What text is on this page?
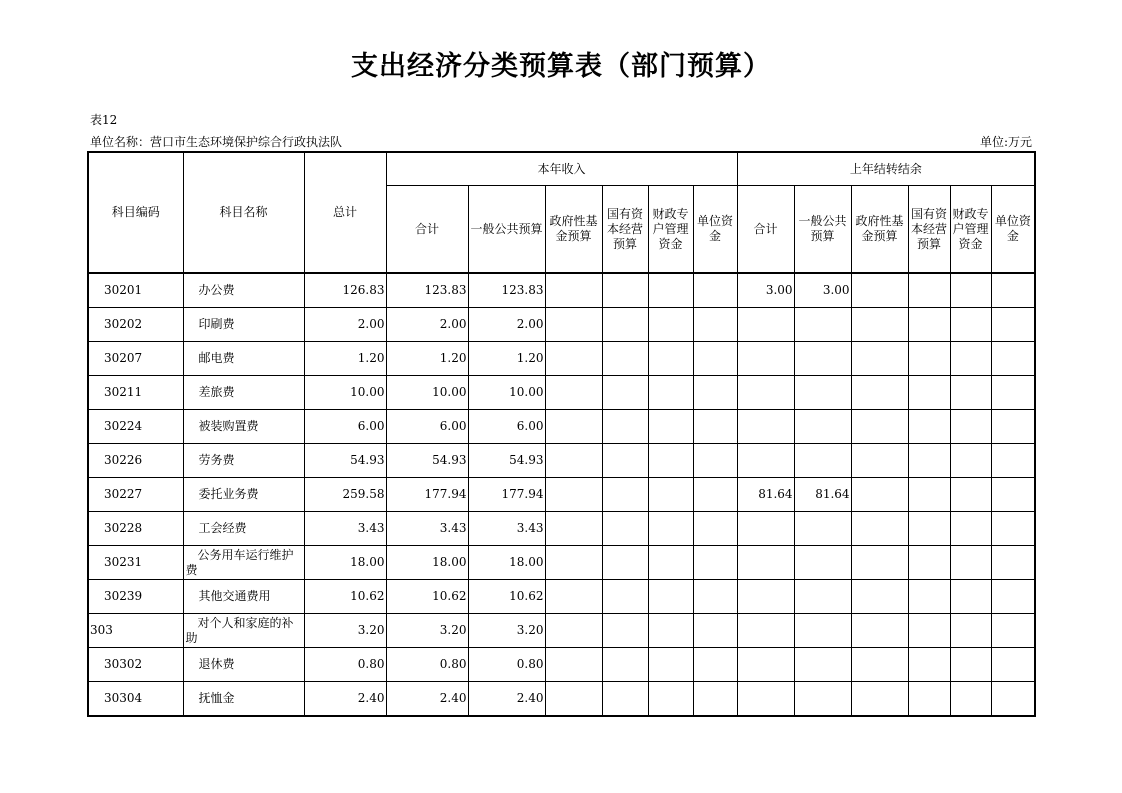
支出经济分类预算表（部门预算）
表12
单位名称：营口市生态环境保护综合行政执法队	单位:万元
科目编码	科目名称	总计	本年收入						上年结转结余					
			合计	一般公共预算	政府性基金预算	国有资本经营预算	财政专户管理资金	单位资金	合计	一般公共预算	政府性基金预算	国有资本经营预算	财政专户管理资金	单位资金
30201	办公费	126.83	123.83	123.83					3.00	3.00				
30202	印刷费	2.00	2.00	2.00										
30207	邮电费	1.20	1.20	1.20										
30211	差旅费	10.00	10.00	10.00										
30224	被装购置费	6.00	6.00	6.00										
30226	劳务费	54.93	54.93	54.93										
30227	委托业务费	259.58	177.94	177.94					81.64	81.64				
30228	工会经费	3.43	3.43	3.43										
30231	公务用车运行维护费	18.00	18.00	18.00										
30239	其他交通费用	10.62	10.62	10.62										
303	对个人和家庭的补助	3.20	3.20	3.20										
30302	退休费	0.80	0.80	0.80										
30304	抚恤金	2.40	2.40	2.40										
